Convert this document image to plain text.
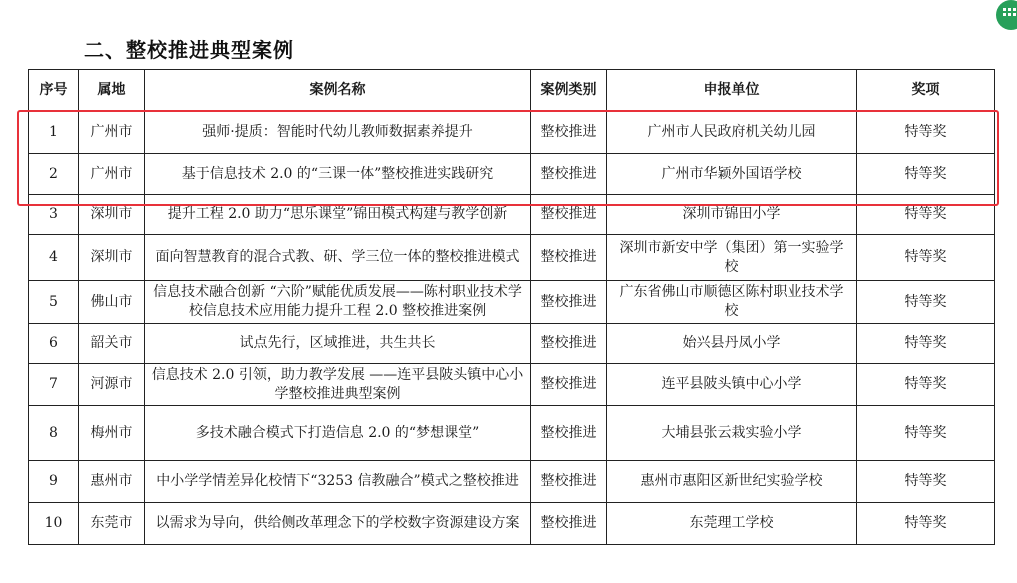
二、整校推进典型案例
序号	属地	案例名称	案例类别	申报单位	奖项
1	广州市	强师·提质：智能时代幼儿教师数据素养提升	整校推进	广州市人民政府机关幼儿园	特等奖
2	广州市	基于信息技术 2.0 的“三课一体”整校推进实践研究	整校推进	广州市华颖外国语学校	特等奖
3	深圳市	提升工程 2.0 助力“思乐课堂”锦田模式构建与教学创新	整校推进	深圳市锦田小学	特等奖
4	深圳市	面向智慧教育的混合式教、研、学三位一体的整校推进模式	整校推进	深圳市新安中学（集团）第一实验学校	特等奖
5	佛山市	信息技术融合创新 “六阶”赋能优质发展——陈村职业技术学校信息技术应用能力提升工程 2.0 整校推进案例	整校推进	广东省佛山市顺德区陈村职业技术学校	特等奖
6	韶关市	试点先行，区域推进，共生共长	整校推进	始兴县丹凤小学	特等奖
7	河源市	信息技术 2.0 引领，助力教学发展 ——连平县陂头镇中心小学整校推进典型案例	整校推进	连平县陂头镇中心小学	特等奖
8	梅州市	多技术融合模式下打造信息 2.0 的“梦想课堂”	整校推进	大埔县张云栽实验小学	特等奖
9	惠州市	中小学学情差异化校情下“3253 信教融合”模式之整校推进	整校推进	惠州市惠阳区新世纪实验学校	特等奖
10	东莞市	以需求为导向，供给侧改革理念下的学校数字资源建设方案	整校推进	东莞理工学校	特等奖
